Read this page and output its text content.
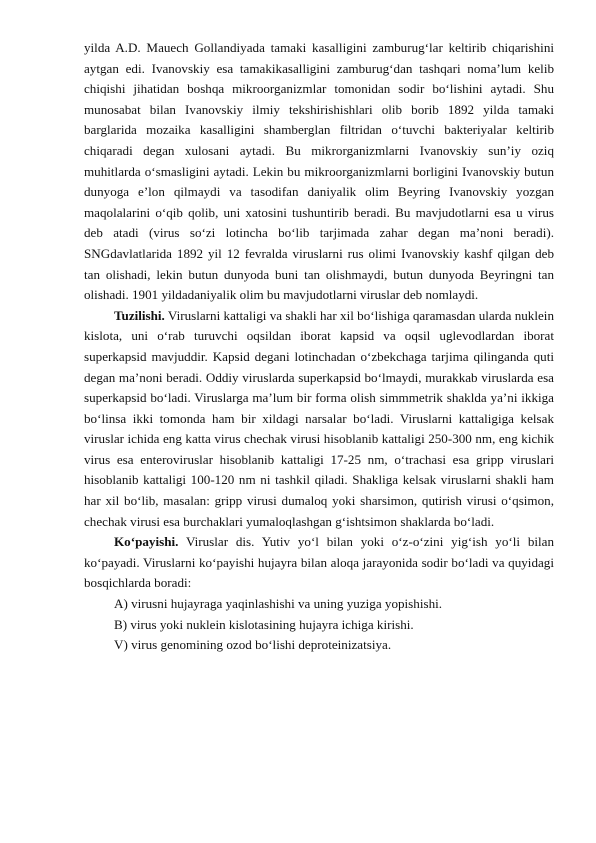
yilda A.D. Mauech Gollandiyada tamaki kasalligini zamburug‘lar keltirib chiqarishini aytgan edi. Ivanovskiy esa tamakikasalligini zamburug‘dan tashqari noma’lum kelib chiqishi jihatidan boshqa mikroorganizmlar tomonidan sodir bo‘lishini aytadi. Shu munosabat bilan Ivanovskiy ilmiy tekshirishishlari olib borib 1892 yilda tamaki barglarida mozaika kasalligini shamberglan filtridan o‘tuvchi bakteriyalar keltirib chiqaradi degan xulosani aytadi. Bu mikrorganizmlarni Ivanovskiy sun’iy oziq muhitlarda o‘smasligini aytadi. Lekin bu mikroorganizmlarni borligini Ivanovskiy butun dunyoga e’lon qilmaydi va tasodifan daniyalik olim Beyring Ivanovskiy yozgan maqolalarini o‘qib qolib, uni xatosini tushuntirib beradi. Bu mavjudotlarni esa u virus deb atadi (virus so‘zi lotincha bo‘lib tarjimada zahar degan ma’noni beradi). SNGdavlatlarida 1892 yil 12 fevralda viruslarni rus olimi Ivanovskiy kashf qilgan deb tan olishadi, lekin butun dunyoda buni tan olishmaydi, butun dunyoda Beyringni tan olishadi. 1901 yildadaniyalik olim bu mavjudotlarni viruslar deb nomlaydi.

Tuzilishi. Viruslarni kattaligi va shakli har xil bo‘lishiga qaramasdan ularda nuklein kislota, uni o‘rab turuvchi oqsildan iborat kapsid va oqsil uglevodlardan iborat superkapsid mavjuddir. Kapsid degani lotinchadan o‘zbekchaga tarjima qilinganda quti degan ma’noni beradi. Oddiy viruslarda superkapsid bo‘lmaydi, murakkab viruslarda esa superkapsid bo‘ladi. Viruslarga ma’lum bir forma olish simmmetrik shaklda ya’ni ikkiga bo‘linsa ikki tomonda ham bir xildagi narsalar bo‘ladi. Viruslarni kattaligiga kelsak viruslar ichida eng katta virus chechak virusi hisoblanib kattaligi 250-300 nm, eng kichik virus esa enteroviruslar hisoblanib kattaligi 17-25 nm, o‘trachasi esa gripp viruslari hisoblanib kattaligi 100-120 nm ni tashkil qiladi. Shakliga kelsak viruslarni shakli ham har xil bo‘lib, masalan: gripp virusi dumaloq yoki sharsimon, qutirish virusi o‘qsimon, chechak virusi esa burchaklari yumaloqlashgan g‘ishtsimon shaklarda bo‘ladi.

Ko‘payishi. Viruslar dis. Yutiv yo‘l bilan yoki o‘z-o‘zini yig‘ish yo‘li bilan ko‘payadi. Viruslarni ko‘payishi hujayra bilan aloqa jarayonida sodir bo‘ladi va quyidagi bosqichlarda boradi:

A) virusni hujayraga yaqinlashishi va uning yuziga yopishishi.

B) virus yoki nuklein kislotasining hujayra ichiga kirishi.

V) virus genomining ozod bo‘lishi deproteinizatsiya.
